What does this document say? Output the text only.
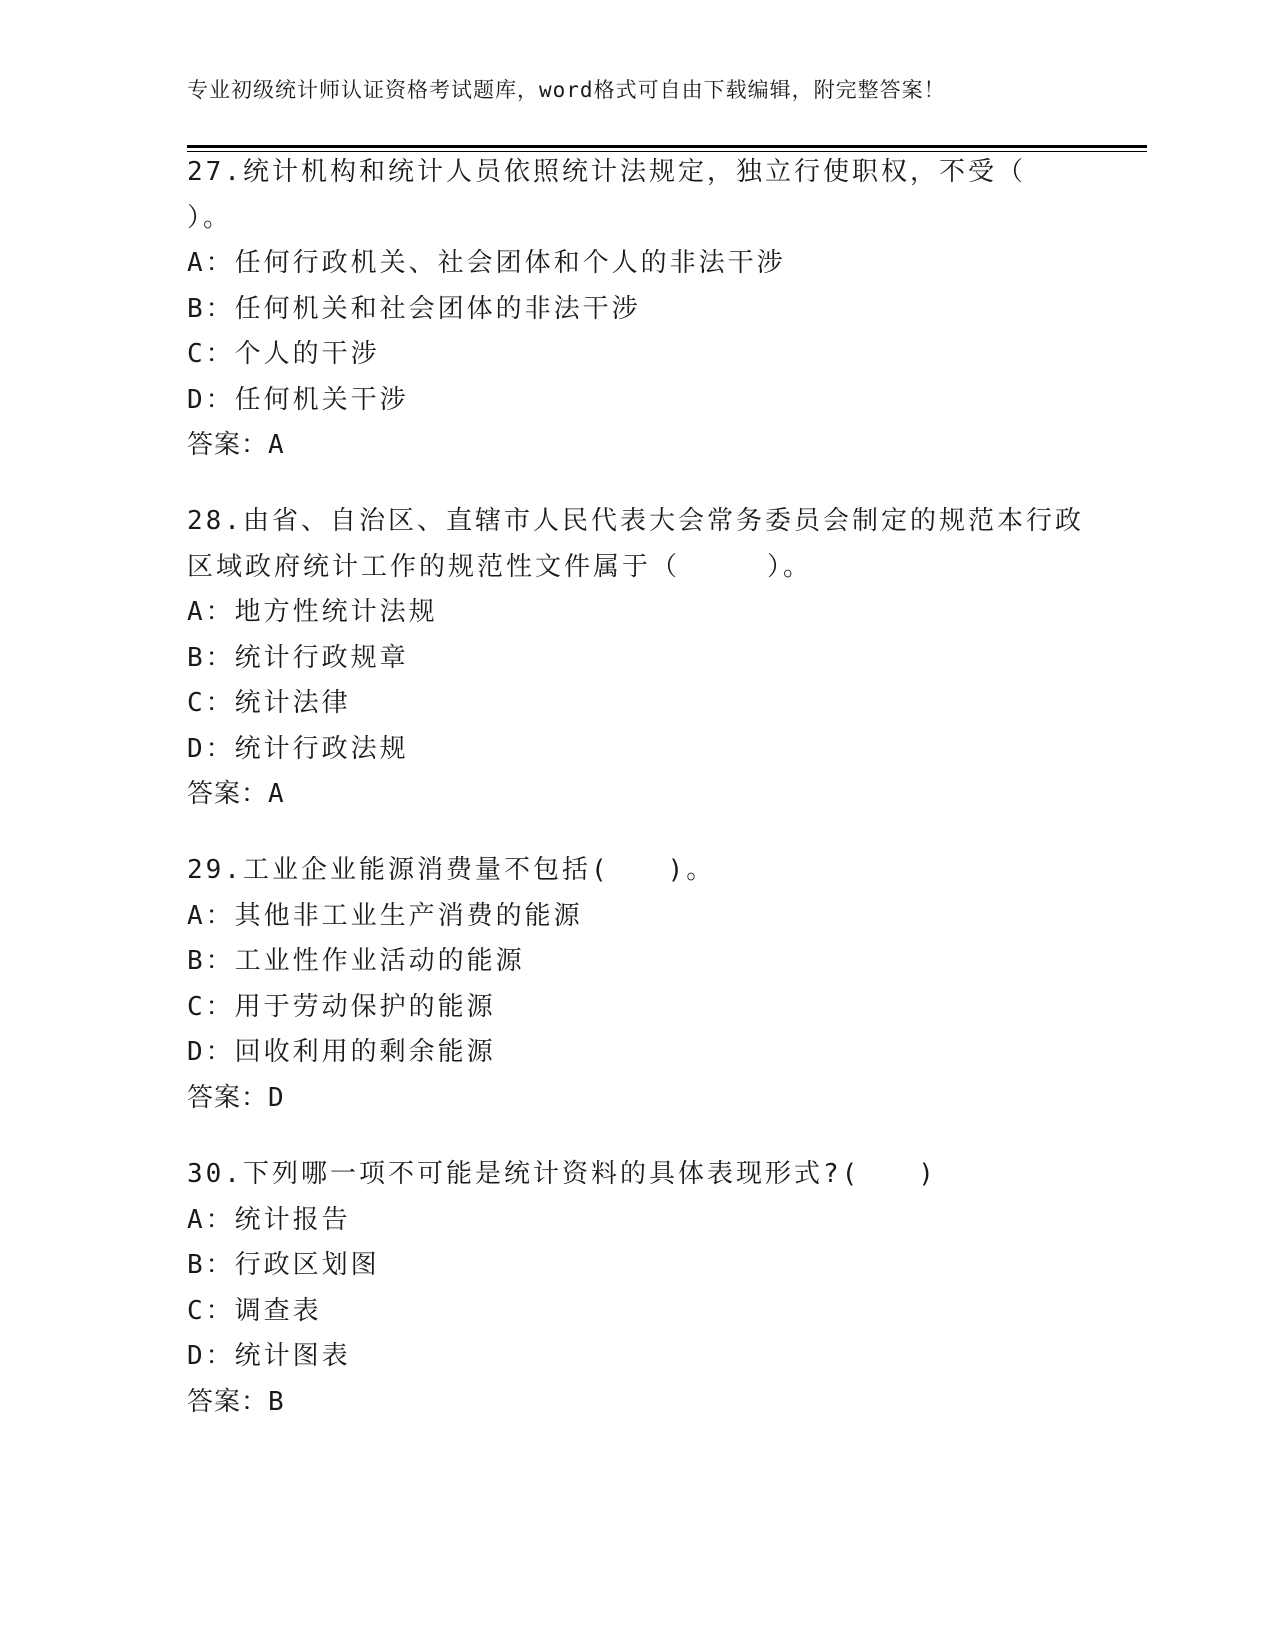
专业初级统计师认证资格考试题库，word格式可自由下载编辑，附完整答案！
27.统计机构和统计人员依照统计法规定，独立行使职权，不受（
）。
A：任何行政机关、社会团体和个人的非法干涉
B：任何机关和社会团体的非法干涉
C：个人的干涉
D：任何机关干涉
答案：A
28.由省、自治区、直辖市人民代表大会常务委员会制定的规范本行政
区域政府统计工作的规范性文件属于（　　　）。
A：地方性统计法规
B：统计行政规章
C：统计法律
D：统计行政法规
答案：A
29.工业企业能源消费量不包括(　　)。
A：其他非工业生产消费的能源
B：工业性作业活动的能源
C：用于劳动保护的能源
D：回收利用的剩余能源
答案：D
30.下列哪一项不可能是统计资料的具体表现形式?(　　)
A：统计报告
B：行政区划图
C：调查表
D：统计图表
答案：B
